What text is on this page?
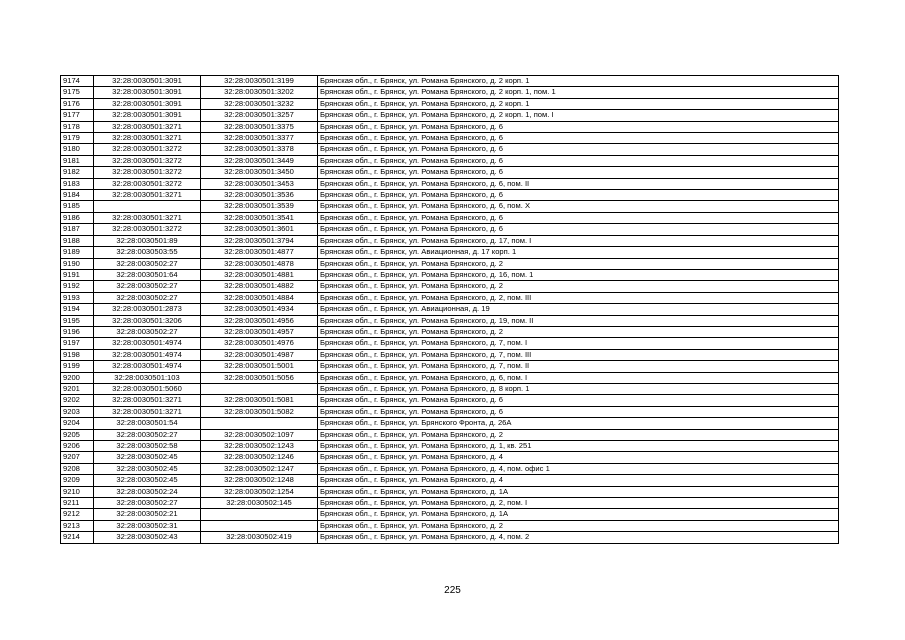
9174	32:28:0030501:3091	32:28:0030501:3199	Брянская обл., г. Брянск, ул. Романа Брянского, д. 2 корп. 1
9175	32:28:0030501:3091	32:28:0030501:3202	Брянская обл., г. Брянск, ул. Романа Брянского, д. 2 корп. 1, пом. 1
9176	32:28:0030501:3091	32:28:0030501:3232	Брянская обл., г. Брянск, ул. Романа Брянского, д. 2 корп. 1
9177	32:28:0030501:3091	32:28:0030501:3257	Брянская обл., г. Брянск, ул. Романа Брянского, д. 2 корп. 1, пом. I
9178	32:28:0030501:3271	32:28:0030501:3375	Брянская обл., г. Брянск, ул. Романа Брянского, д. 6
9179	32:28:0030501:3271	32:28:0030501:3377	Брянская обл., г. Брянск, ул. Романа Брянского, д. 6
9180	32:28:0030501:3272	32:28:0030501:3378	Брянская обл., г. Брянск, ул. Романа Брянского, д. 6
9181	32:28:0030501:3272	32:28:0030501:3449	Брянская обл., г. Брянск, ул. Романа Брянского, д. 6
9182	32:28:0030501:3272	32:28:0030501:3450	Брянская обл., г. Брянск, ул. Романа Брянского, д. 6
9183	32:28:0030501:3272	32:28:0030501:3453	Брянская обл., г. Брянск, ул. Романа Брянского, д. 6, пом. II
9184	32:28:0030501:3271	32:28:0030501:3536	Брянская обл., г. Брянск, ул. Романа Брянского, д. 6
9185		32:28:0030501:3539	Брянская обл., г. Брянск, ул. Романа Брянского, д. 6, пом. X
9186	32:28:0030501:3271	32:28:0030501:3541	Брянская обл., г. Брянск, ул. Романа Брянского, д. 6
9187	32:28:0030501:3272	32:28:0030501:3601	Брянская обл., г. Брянск, ул. Романа Брянского, д. 6
9188	32:28:0030501:89	32:28:0030501:3794	Брянская обл., г. Брянск, ул. Романа Брянского, д. 17, пом. I
9189	32:28:0030503:55	32:28:0030501:4877	Брянская обл., г. Брянск, ул. Авиационная, д. 17 корп. 1
9190	32:28:0030502:27	32:28:0030501:4878	Брянская обл., г. Брянск, ул. Романа Брянского, д. 2
9191	32:28:0030501:64	32:28:0030501:4881	Брянская обл., г. Брянск, ул. Романа Брянского, д. 16, пом. 1
9192	32:28:0030502:27	32:28:0030501:4882	Брянская обл., г. Брянск, ул. Романа Брянского, д. 2
9193	32:28:0030502:27	32:28:0030501:4884	Брянская обл., г. Брянск, ул. Романа Брянского, д. 2, пом. III
9194	32:28:0030501:2873	32:28:0030501:4934	Брянская обл., г. Брянск, ул. Авиационная, д. 19
9195	32:28:0030501:3206	32:28:0030501:4956	Брянская обл., г. Брянск, ул. Романа Брянского, д. 19, пом. II
9196	32:28:0030502:27	32:28:0030501:4957	Брянская обл., г. Брянск, ул. Романа Брянского, д. 2
9197	32:28:0030501:4974	32:28:0030501:4976	Брянская обл., г. Брянск, ул. Романа Брянского, д. 7, пом. I
9198	32:28:0030501:4974	32:28:0030501:4987	Брянская обл., г. Брянск, ул. Романа Брянского, д. 7, пом. III
9199	32:28:0030501:4974	32:28:0030501:5001	Брянская обл., г. Брянск, ул. Романа Брянского, д. 7, пом. II
9200	32:28:0030501:103	32:28:0030501:5056	Брянская обл., г. Брянск, ул. Романа Брянского, д. 6, пом. I
9201	32:28:0030501:5060		Брянская обл., г. Брянск, ул. Романа Брянского, д. 8 корп. 1
9202	32:28:0030501:3271	32:28:0030501:5081	Брянская обл., г. Брянск, ул. Романа Брянского, д. 6
9203	32:28:0030501:3271	32:28:0030501:5082	Брянская обл., г. Брянск, ул. Романа Брянского, д. 6
9204	32:28:0030501:54		Брянская обл., г. Брянск, ул. Брянского Фронта, д. 26А
9205	32:28:0030502:27	32:28:0030502:1097	Брянская обл., г. Брянск, ул. Романа Брянского, д. 2
9206	32:28:0030502:58	32:28:0030502:1243	Брянская обл., г. Брянск, ул. Романа Брянского, д. 1, кв. 251
9207	32:28:0030502:45	32:28:0030502:1246	Брянская обл., г. Брянск, ул. Романа Брянского, д. 4
9208	32:28:0030502:45	32:28:0030502:1247	Брянская обл., г. Брянск, ул. Романа Брянского, д. 4, пом. офис 1
9209	32:28:0030502:45	32:28:0030502:1248	Брянская обл., г. Брянск, ул. Романа Брянского, д. 4
9210	32:28:0030502:24	32:28:0030502:1254	Брянская обл., г. Брянск, ул. Романа Брянского, д. 1А
9211	32:28:0030502:27	32:28:0030502:145	Брянская обл., г. Брянск, ул. Романа Брянского, д. 2, пом. I
9212	32:28:0030502:21		Брянская обл., г. Брянск, ул. Романа Брянского, д. 1А
9213	32:28:0030502:31		Брянская обл., г. Брянск, ул. Романа Брянского, д. 2
9214	32:28:0030502:43	32:28:0030502:419	Брянская обл., г. Брянск, ул. Романа Брянского, д. 4, пом. 2
225
